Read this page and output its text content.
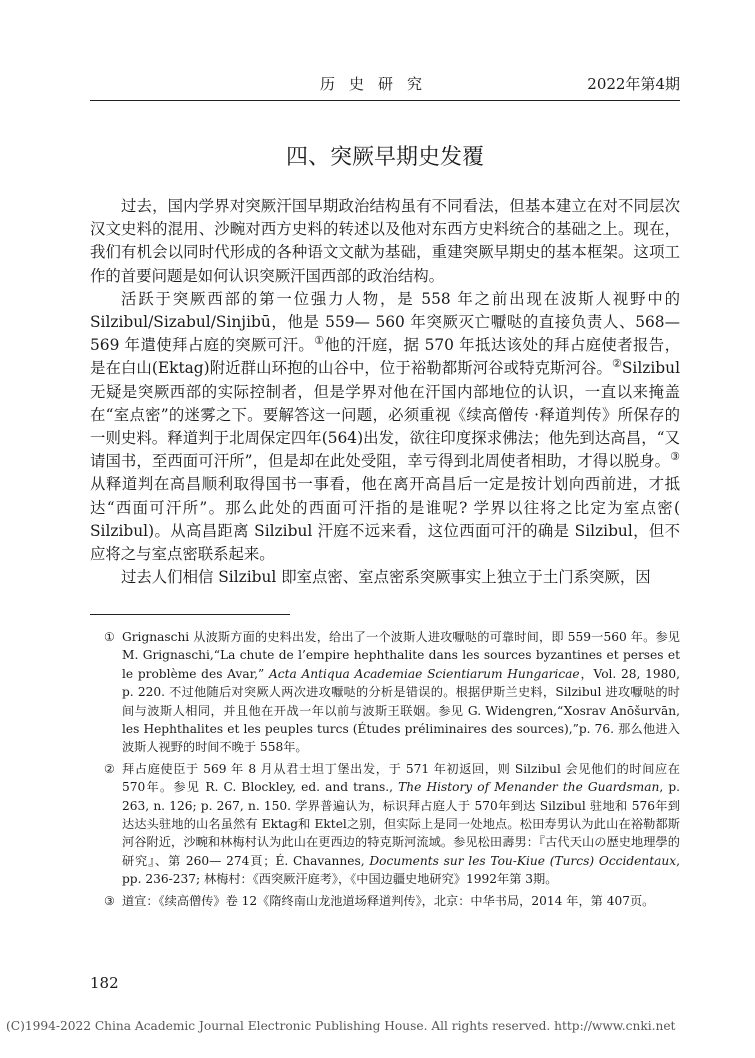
历史研究	2022年第4期
四、突厥早期史发覆

过去，国内学界对突厥汗国早期政治结构虽有不同看法，但基本建立在对不同层次汉文史料的混用、沙畹对西方史料的转述以及他对东西方史料统合的基础之上。现在，我们有机会以同时代形成的各种语文文献为基础，重建突厥早期史的基本框架。这项工作的首要问题是如何认识突厥汗国西部的政治结构。

活跃于突厥西部的第一位强力人物，是 558 年之前出现在波斯人视野中的 Silzibul/Sizabul/Sinjibū，他是 559— 560 年突厥灭亡嚈哒的直接负责人、568— 569 年遣使拜占庭的突厥可汗。①他的汗庭，据 570 年抵达该处的拜占庭使者报告，是在白山(Ektag)附近群山环抱的山谷中，位于裕勒都斯河谷或特克斯河谷。②Silzibul 无疑是突厥西部的实际控制者，但是学界对他在汗国内部地位的认识，一直以来掩盖在“室点密”的迷雾之下。要解答这一问题，必须重视《续高僧传 ·释道判传》所保存的一则史料。释道判于北周保定四年(564)出发，欲往印度探求佛法；他先到达高昌，“又请国书，至西面可汗所”，但是却在此处受阻，幸亏得到北周使者相助，才得以脱身。③从释道判在高昌顺利取得国书一事看，他在离开高昌后一定是按计划向西前进，才抵达“西面可汗所”。那么此处的西面可汗指的是谁呢? 学界以往将之比定为室点密( Silzibul)。从高昌距离 Silzibul 汗庭不远来看，这位西面可汗的确是 Silzibul，但不应将之与室点密联系起来。

过去人们相信 Silzibul 即室点密、室点密系突厥事实上独立于土门系突厥，因

① Grignaschi 从波斯方面的史料出发，给出了一个波斯人进攻嚈哒的可靠时间，即 559一560 年。参见 M. Grignaschi,“La chute de l’empire hephthalite dans les sources byzantines et perses et le problème des Avar,” Acta Antiqua Academiae Scientiarum Hungaricae，Vol. 28, 1980, p. 220. 不过他随后对突厥人两次进攻嚈哒的分析是错误的。根据伊斯兰史料，Silzibul 进攻嚈哒的时间与波斯人相同，并且他在开战一年以前与波斯王联姻。参见 G. Widengren,“Xosrav Anōšurvān, les Hephthalites et les peuples turcs (Études préliminaires des sources),”p. 76. 那么他进入波斯人视野的时间不晚于 558年。
② 拜占庭使臣于 569 年 8 月从君士坦丁堡出发，于 571 年初返回，则 Silzibul 会见他们的时间应在 570年。参见 R. C. Blockley, ed. and trans., The History of Menander the Guardsman, p. 263, n. 126; p. 267, n. 150. 学界普遍认为，标识拜占庭人于 570年到达 Silzibul 驻地和 576年到达达头驻地的山名虽然有 Ektag和 Ektel之别，但实际上是同一处地点。松田寿男认为此山在裕勒都斯河谷附近，沙畹和林梅村认为此山在更西边的特克斯河流域。参见松田壽男：『古代天山の歴史地理學的研究』、第 260— 274頁；É. Chavannes, Documents sur les Tou-Kiue (Turcs) Occidentaux, pp. 236-237; 林梅村：《西突厥汗庭考》，《中国边疆史地研究》1992年第 3期。
③ 道宣：《续高僧传》卷 12《隋终南山龙池道场释道判传》，北京：中华书局，2014 年，第 407页。
182
(C)1994-2022 China Academic Journal Electronic Publishing House. All rights reserved. http://www.cnki.net
